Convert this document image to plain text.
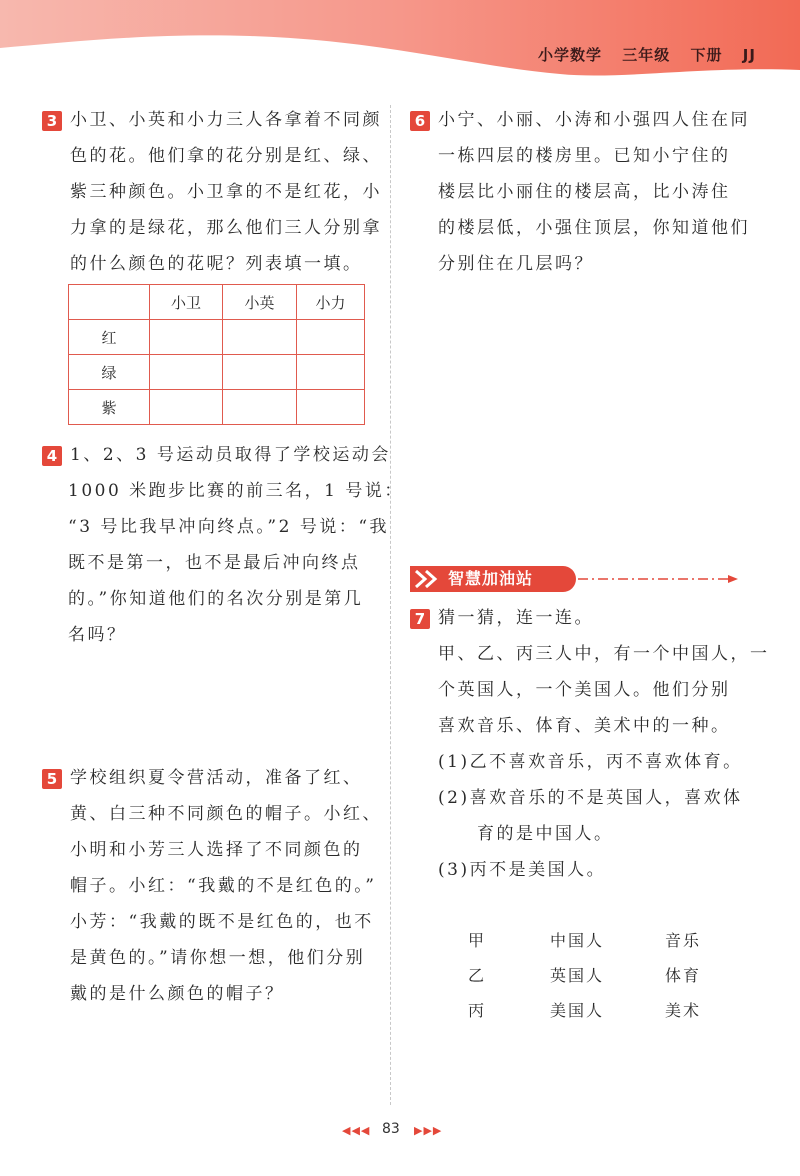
小学数学 三年级 下册 JJ
3 小卫、小英和小力三人各拿着不同颜
色的花。他们拿的花分别是红、绿、
紫三种颜色。小卫拿的不是红花，小
力拿的是绿花，那么他们三人分别拿
的什么颜色的花呢？列表填一填。
	小卫	小英	小力
红			
绿			
紫			
4 1、2、3 号运动员取得了学校运动会
1000 米跑步比赛的前三名，1 号说：
“3 号比我早冲向终点。”2 号说：“我
既不是第一，也不是最后冲向终点
的。”你知道他们的名次分别是第几
名吗？
5 学校组织夏令营活动，准备了红、
黄、白三种不同颜色的帽子。小红、
小明和小芳三人选择了不同颜色的
帽子。小红：“我戴的不是红色的。”
小芳：“我戴的既不是红色的，也不
是黄色的。”请你想一想，他们分别
戴的是什么颜色的帽子？
6 小宁、小丽、小涛和小强四人住在同
一栋四层的楼房里。已知小宁住的
楼层比小丽住的楼层高，比小涛住
的楼层低，小强住顶层，你知道他们
分别住在几层吗？
智慧加油站
7 猜一猜，连一连。
甲、乙、丙三人中，有一个中国人，一
个英国人，一个美国人。他们分别
喜欢音乐、体育、美术中的一种。
(1)乙不喜欢音乐，丙不喜欢体育。
(2)喜欢音乐的不是英国人，喜欢体
　　育的是中国人。
(3)丙不是美国人。
甲	中国人	音乐
乙	英国人	体育
丙	美国人	美术
◀◀◀ 83 ▶▶▶
